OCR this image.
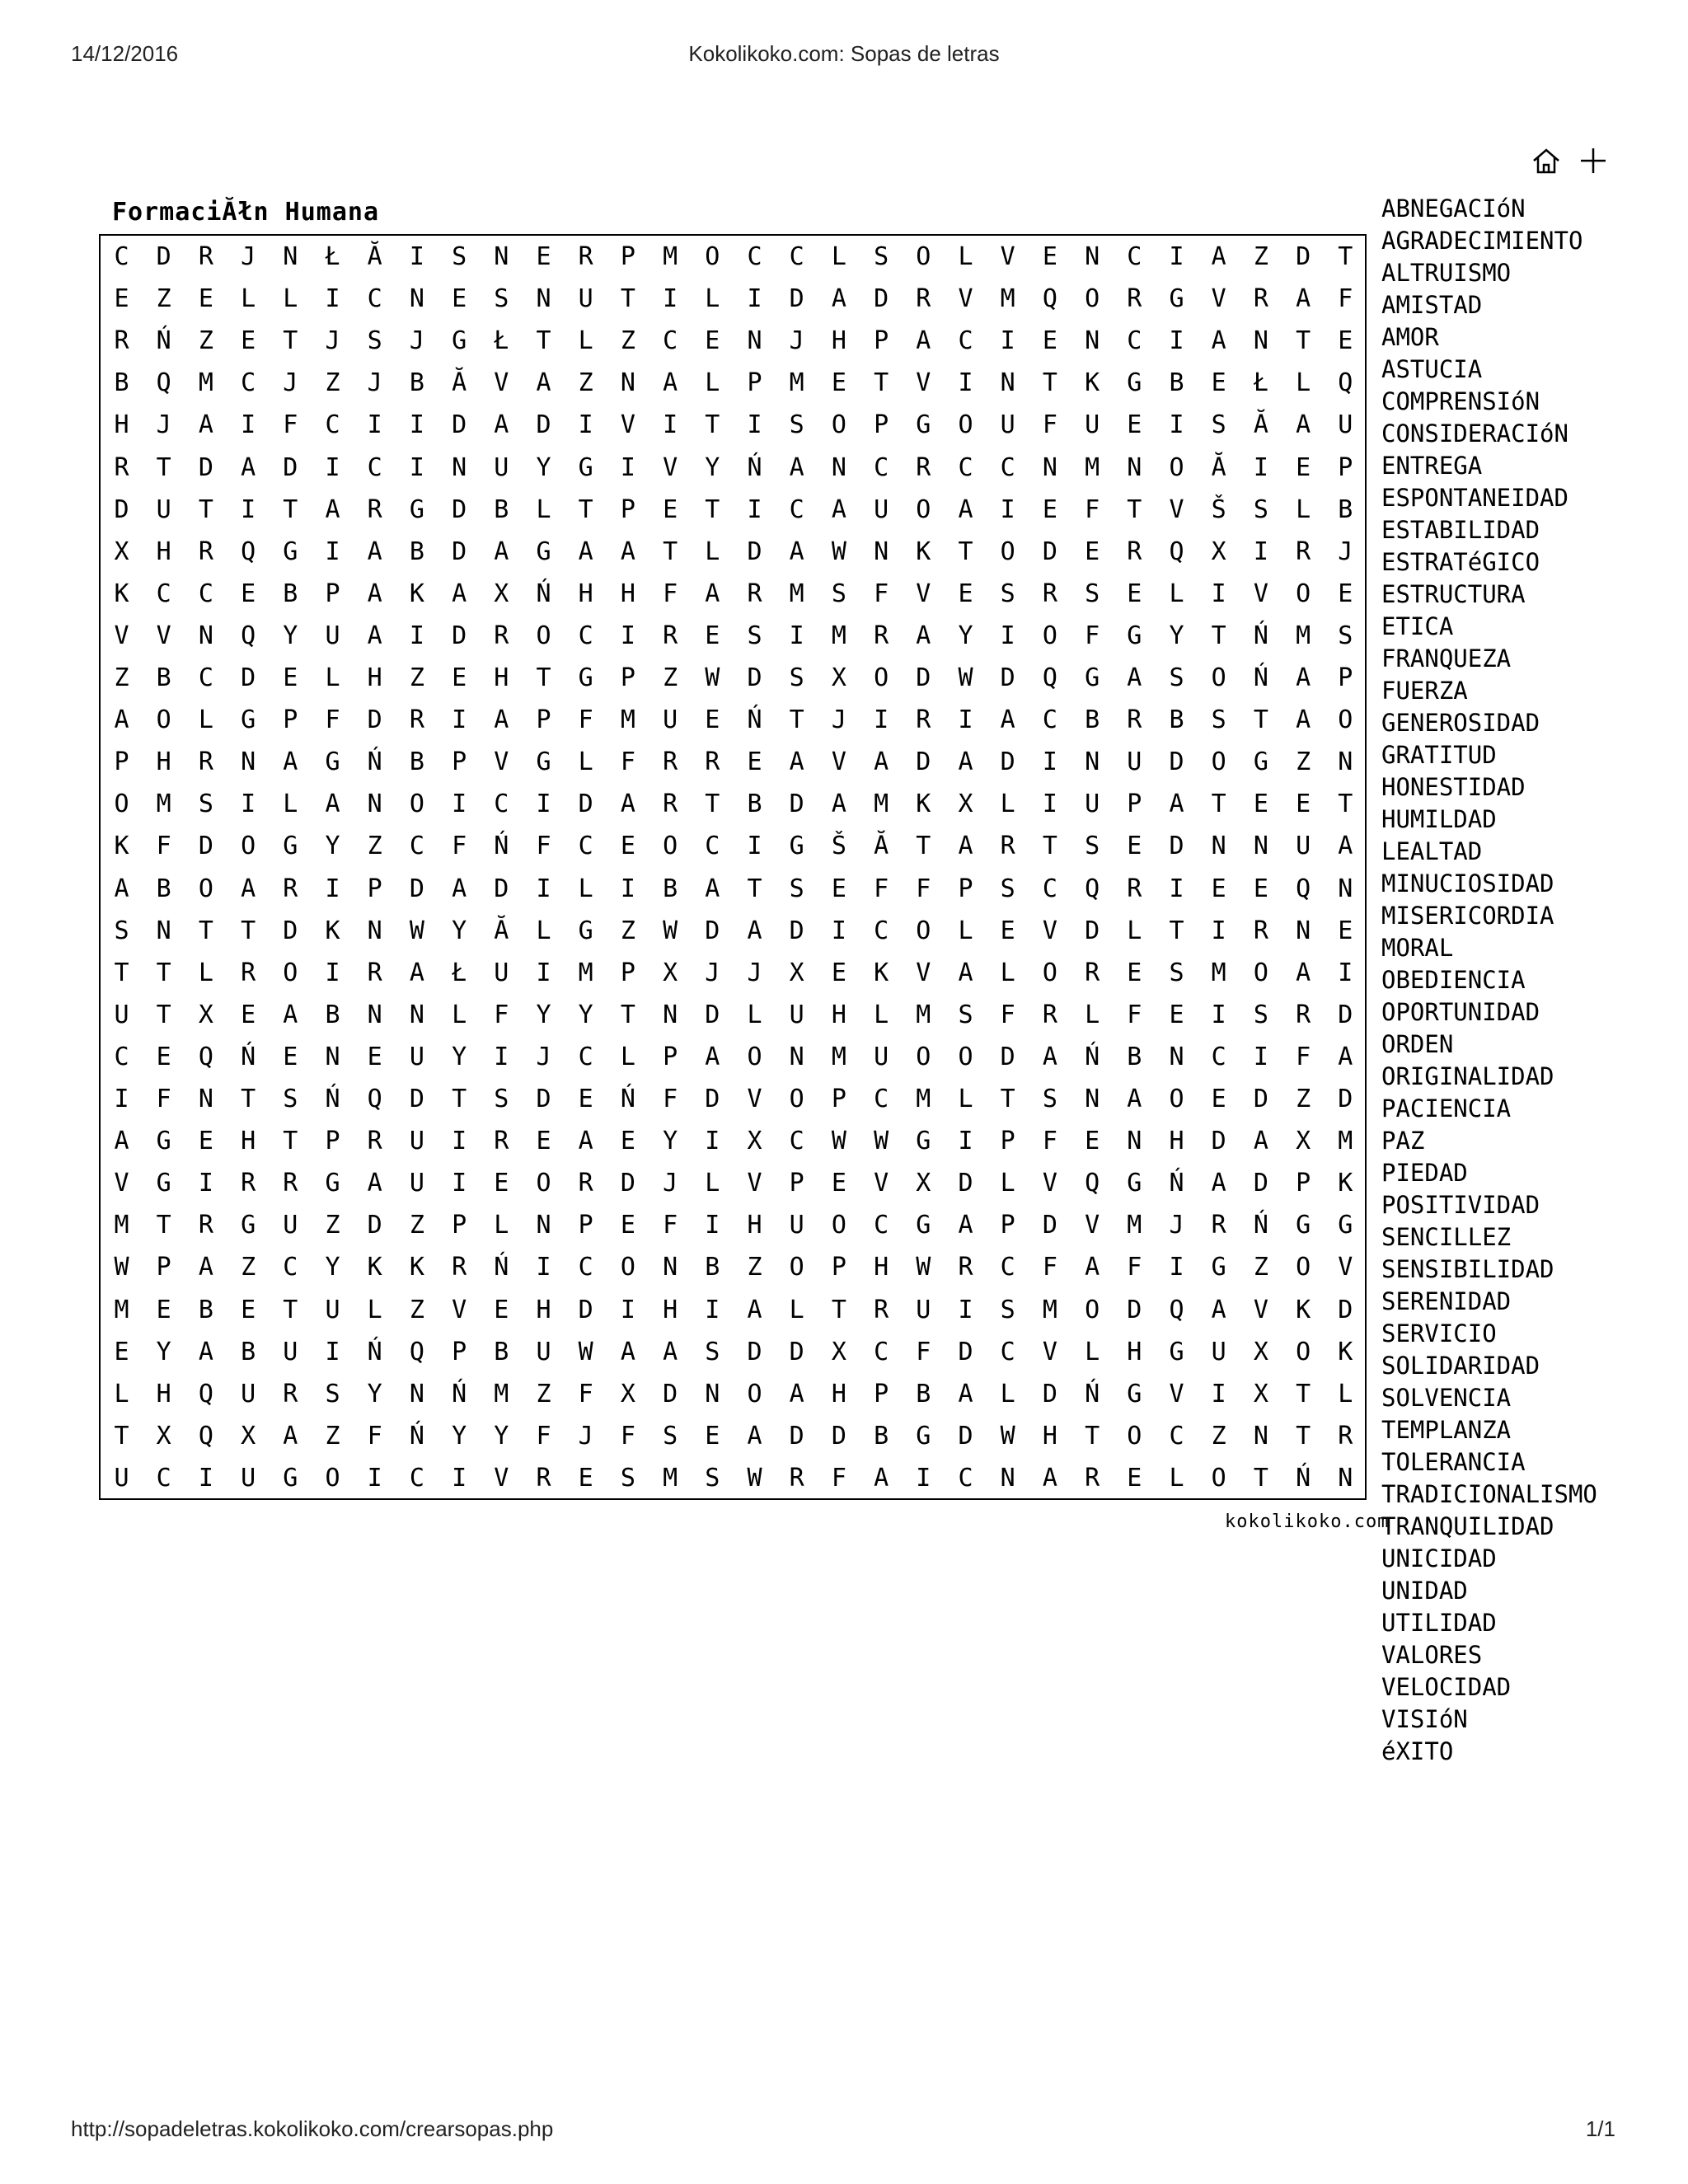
14/12/2016	Kokolikoko.com: Sopas de letras
FormaciĂłn Humana
C	D	R	J	N	Ł	Ă	I	S	N	E	R	P	M	O	C	C	L	S	O	L	V	E	N	C	I	A	Z	D	T
E	Z	E	L	L	I	C	N	E	S	N	U	T	I	L	I	D	A	D	R	V	M	Q	O	R	G	V	R	A	F
R	Ń	Z	E	T	J	S	J	G	Ł	T	L	Z	C	E	N	J	H	P	A	C	I	E	N	C	I	A	N	T	E
B	Q	M	C	J	Z	J	B	Ă	V	A	Z	N	A	L	P	M	E	T	V	I	N	T	K	G	B	E	Ł	L	Q
H	J	A	I	F	C	I	I	D	A	D	I	V	I	T	I	S	O	P	G	O	U	F	U	E	I	S	Ă	A	U
R	T	D	A	D	I	C	I	N	U	Y	G	I	V	Y	Ń	A	N	C	R	C	C	N	M	N	O	Ă	I	E	P
D	U	T	I	T	A	R	G	D	B	L	T	P	E	T	I	C	A	U	O	A	I	E	F	T	V	Š	S	L	B
X	H	R	Q	G	I	A	B	D	A	G	A	A	T	L	D	A	W	N	K	T	O	D	E	R	Q	X	I	R	J
K	C	C	E	B	P	A	K	A	X	Ń	H	H	F	A	R	M	S	F	V	E	S	R	S	E	L	I	V	O	E
V	V	N	Q	Y	U	A	I	D	R	O	C	I	R	E	S	I	M	R	A	Y	I	O	F	G	Y	T	Ń	M	S
Z	B	C	D	E	L	H	Z	E	H	T	G	P	Z	W	D	S	X	O	D	W	D	Q	G	A	S	O	Ń	A	P
A	O	L	G	P	F	D	R	I	A	P	F	M	U	E	Ń	T	J	I	R	I	A	C	B	R	B	S	T	A	O
P	H	R	N	A	G	Ń	B	P	V	G	L	F	R	R	E	A	V	A	D	A	D	I	N	U	D	O	G	Z	N
O	M	S	I	L	A	N	O	I	C	I	D	A	R	T	B	D	A	M	K	X	L	I	U	P	A	T	E	E	T
K	F	D	O	G	Y	Z	C	F	Ń	F	C	E	O	C	I	G	Š	Ă	T	A	R	T	S	E	D	N	N	U	A
A	B	O	A	R	I	P	D	A	D	I	L	I	B	A	T	S	E	F	F	P	S	C	Q	R	I	E	E	Q	N
S	N	T	T	D	K	N	W	Y	Ă	L	G	Z	W	D	A	D	I	C	O	L	E	V	D	L	T	I	R	N	E
T	T	L	R	O	I	R	A	Ł	U	I	M	P	X	J	J	X	E	K	V	A	L	O	R	E	S	M	O	A	I
U	T	X	E	A	B	N	N	L	F	Y	Y	T	N	D	L	U	H	L	M	S	F	R	L	F	E	I	S	R	D
C	E	Q	Ń	E	N	E	U	Y	I	J	C	L	P	A	O	N	M	U	O	O	D	A	Ń	B	N	C	I	F	A
I	F	N	T	S	Ń	Q	D	T	S	D	E	Ń	F	D	V	O	P	C	M	L	T	S	N	A	O	E	D	Z	D
A	G	E	H	T	P	R	U	I	R	E	A	E	Y	I	X	C	W	W	G	I	P	F	E	N	H	D	A	X	M
V	G	I	R	R	G	A	U	I	E	O	R	D	J	L	V	P	E	V	X	D	L	V	Q	G	Ń	A	D	P	K
M	T	R	G	U	Z	D	Z	P	L	N	P	E	F	I	H	U	O	C	G	A	P	D	V	M	J	R	Ń	G	G
W	P	A	Z	C	Y	K	K	R	Ń	I	C	O	N	B	Z	O	P	H	W	R	C	F	A	F	I	G	Z	O	V
M	E	B	E	T	U	L	Z	V	E	H	D	I	H	I	A	L	T	R	U	I	S	M	O	D	Q	A	V	K	D
E	Y	A	B	U	I	Ń	Q	P	B	U	W	A	A	S	D	D	X	C	F	D	C	V	L	H	G	U	X	O	K
L	H	Q	U	R	S	Y	N	Ń	M	Z	F	X	D	N	O	A	H	P	B	A	L	D	Ń	G	V	I	X	T	L
T	X	Q	X	A	Z	F	Ń	Y	Y	F	J	F	S	E	A	D	D	B	G	D	W	H	T	O	C	Z	N	T	R
U	C	I	U	G	O	I	C	I	V	R	E	S	M	S	W	R	F	A	I	C	N	A	R	E	L	O	T	Ń	N
kokolikoko.com
ABNEGACIóN
AGRADECIMIENTO
ALTRUISMO
AMISTAD
AMOR
ASTUCIA
COMPRENSIóN
CONSIDERACIóN
ENTREGA
ESPONTANEIDAD
ESTABILIDAD
ESTRATéGICO
ESTRUCTURA
ETICA
FRANQUEZA
FUERZA
GENEROSIDAD
GRATITUD
HONESTIDAD
HUMILDAD
LEALTAD
MINUCIOSIDAD
MISERICORDIA
MORAL
OBEDIENCIA
OPORTUNIDAD
ORDEN
ORIGINALIDAD
PACIENCIA
PAZ
PIEDAD
POSITIVIDAD
SENCILLEZ
SENSIBILIDAD
SERENIDAD
SERVICIO
SOLIDARIDAD
SOLVENCIA
TEMPLANZA
TOLERANCIA
TRADICIONALISMO
TRANQUILIDAD
UNICIDAD
UNIDAD
UTILIDAD
VALORES
VELOCIDAD
VISIóN
éXITO
http://sopadeletras.kokolikoko.com/crearsopas.php	1/1
